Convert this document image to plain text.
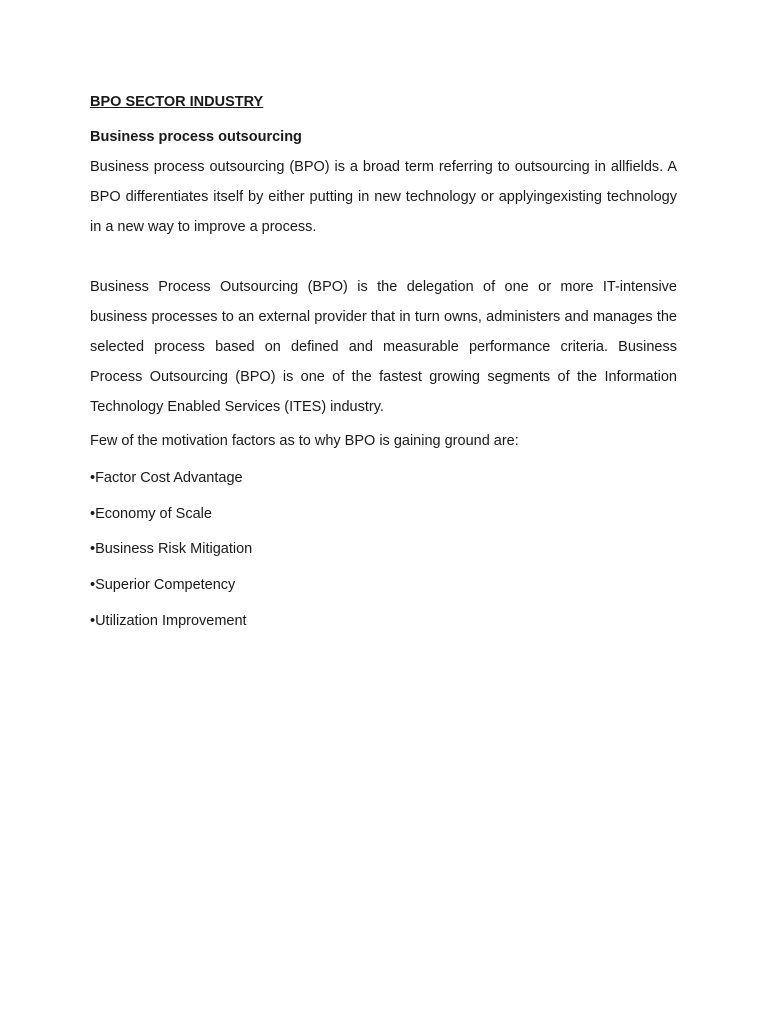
BPO SECTOR INDUSTRY
Business process outsourcing

Business process outsourcing (BPO) is a broad term referring to outsourcing in allfields. A BPO differentiates itself by either putting in new technology or applyingexisting technology in a new way to improve a process.

Business Process Outsourcing (BPO) is the delegation of one or more IT-intensive business processes to an external provider that in turn owns, administers and manages the selected process based on defined and measurable performance criteria. Business Process Outsourcing (BPO) is one of the fastest growing segments of the Information Technology Enabled Services (ITES) industry.

Few of the motivation factors as to why BPO is gaining ground are:

•Factor Cost Advantage
•Economy of Scale
•Business Risk Mitigation
•Superior Competency
•Utilization Improvement
